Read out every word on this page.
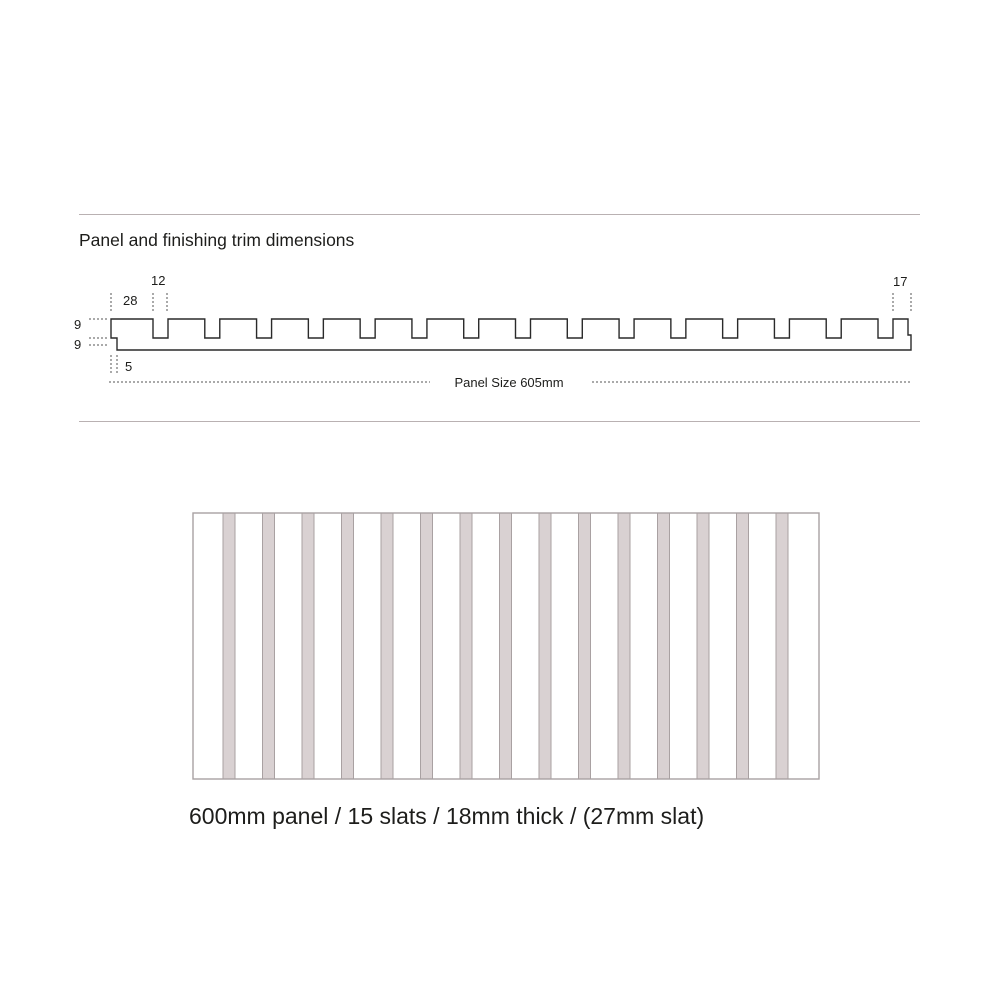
Panel and finishing trim dimensions
12
28
17
9
9
5
Panel Size 605mm
600mm panel / 15 slats / 18mm thick / (27mm slat)
